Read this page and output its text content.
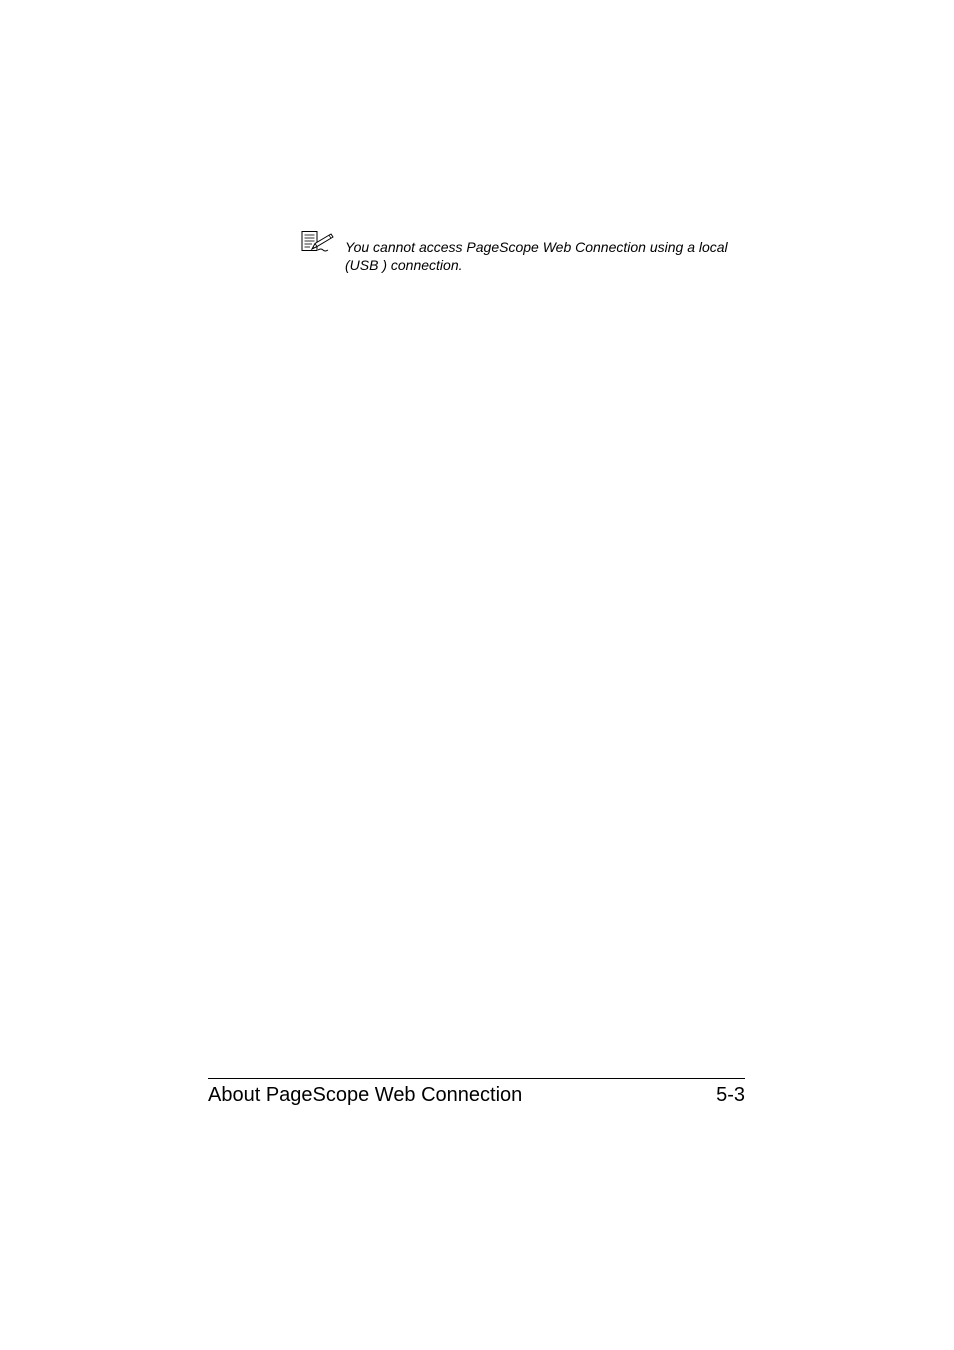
You cannot access PageScope Web Connection using a local (USB ) connection.

About PageScope Web Connection	5-3
